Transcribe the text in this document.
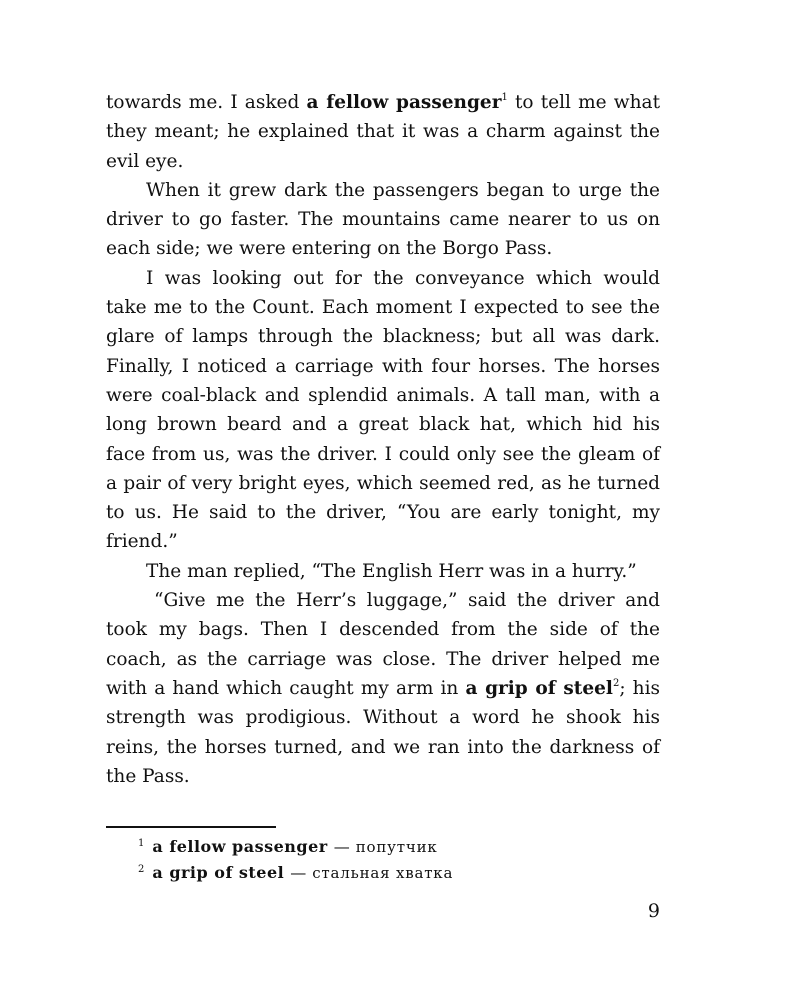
towards me. I asked a fellow passenger$^1$ to tell me what they meant; he explained that it was a charm against the evil eye.

When it grew dark the passengers began to urge the driver to go faster. The mountains came nearer to us on each side; we were entering on the Borgo Pass.

I was looking out for the conveyance which would take me to the Count. Each moment I expected to see the glare of lamps through the blackness; but all was dark. Finally, I noticed a carriage with four horses. The horses were coal-black and splendid animals. A tall man, with a long brown beard and a great black hat, which hid his face from us, was the driver. I could only see the gleam of a pair of very bright eyes, which seemed red, as he turned to us. He said to the driver, “You are early tonight, my friend.”

The man replied, “The English Herr was in a hurry.”

“Give me the Herr’s luggage,” said the driver and took my bags. Then I descended from the side of the coach, as the carriage was close. The driver helped me with a hand which caught my arm in a grip of steel$^2$; his strength was prodigious. Without a word he shook his reins, the horses turned, and we ran into the darkness of the Pass.

$^1$ a fellow passenger — попутчик
$^2$ a grip of steel — стальная хватка
9
